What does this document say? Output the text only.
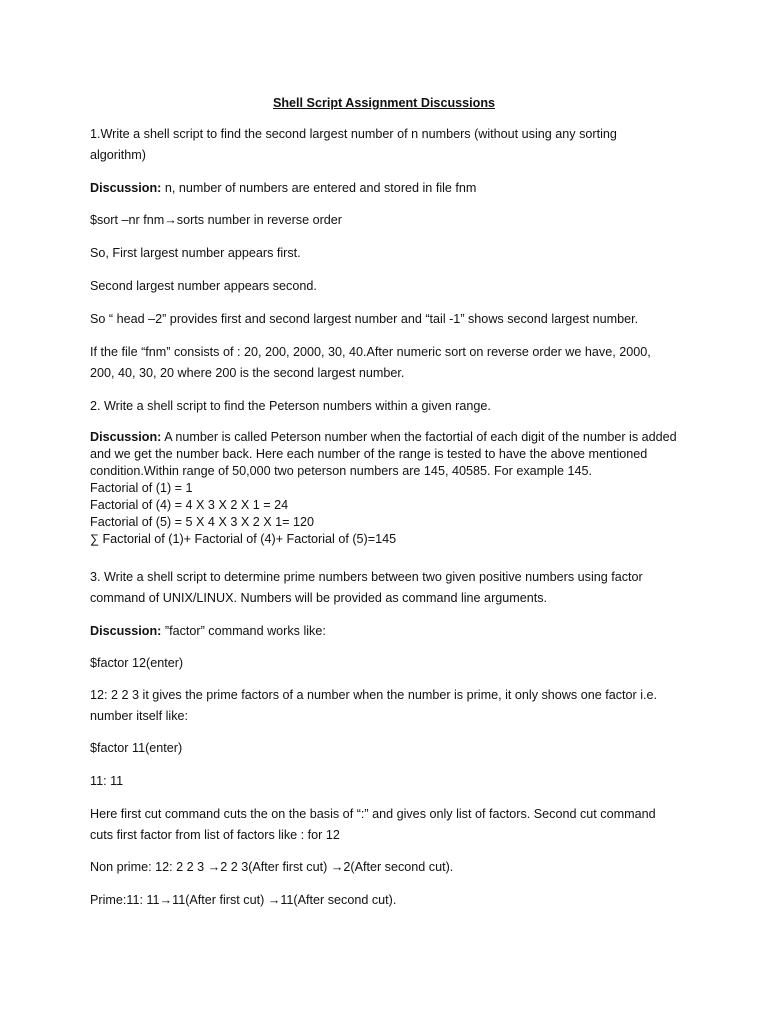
Shell Script Assignment Discussions
1.Write a shell script to find the second largest number of n numbers (without using any sorting
algorithm)
Discussion: n, number of numbers are entered and stored in file fnm
$sort –nr fnm→sorts number in reverse order
So, First largest number appears first.
Second largest number appears second.
So “ head –2” provides first and second largest number and “tail -1” shows second largest number.
If the file “fnm” consists of : 20, 200, 2000, 30, 40.After numeric sort on reverse order we have, 2000,
200, 40, 30, 20 where 200 is the second largest number.
2. Write a shell script to find the Peterson numbers within a given range.
Discussion: A number is called Peterson number when the factortial of each digit of the number is added
and we get the number back. Here each number of the range is tested to have the above mentioned
condition.Within range of 50,000 two peterson numbers are 145, 40585. For example 145.
Factorial of (1) = 1
Factorial of (4) = 4 X 3 X 2 X 1 = 24
Factorial of (5) = 5 X 4 X 3 X 2 X 1= 120
∑ Factorial of (1)+ Factorial of (4)+ Factorial of (5)=145
3. Write a shell script to determine prime numbers between two given positive numbers using factor
command of UNIX/LINUX. Numbers will be provided as command line arguments.
Discussion: ”factor” command works like:
$factor 12(enter)
12: 2 2 3 it gives the prime factors of a number when the number is prime, it only shows one factor i.e.
number itself like:
$factor 11(enter)
11: 11
Here first cut command cuts the on the basis of “:” and gives only list of factors. Second cut command
cuts first factor from list of factors like : for 12
Non prime: 12: 2 2 3 →2 2 3(After first cut) →2(After second cut).
Prime:11: 11→11(After first cut) →11(After second cut).
